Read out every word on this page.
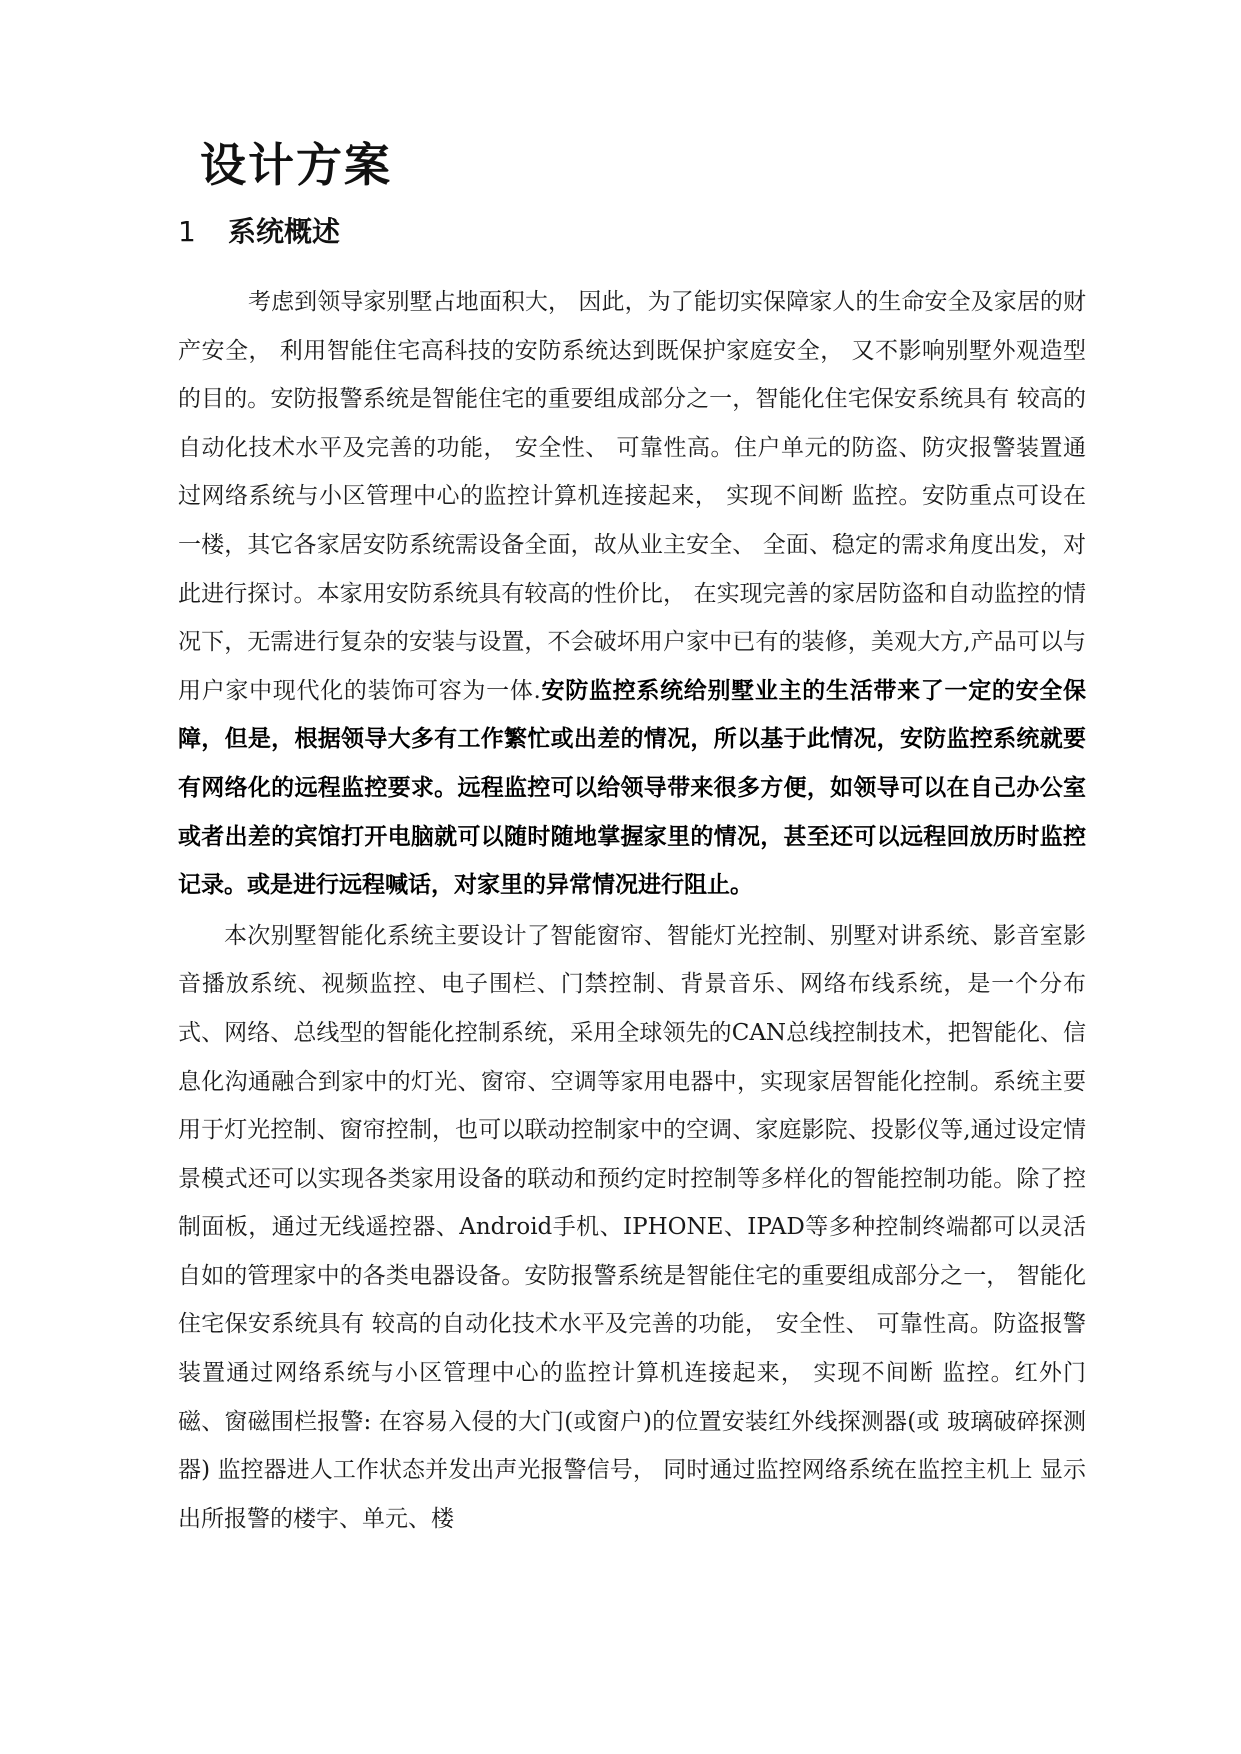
设计方案
1 系统概述

考虑到领导家别墅占地面积大， 因此，为了能切实保障家人的生命安全及家居的财产安全， 利用智能住宅高科技的安防系统达到既保护家庭安全， 又不影响别墅外观造型的目的。安防报警系统是智能住宅的重要组成部分之一，智能化住宅保安系统具有 较高的自动化技术水平及完善的功能， 安全性、 可靠性高。住户单元的防盗、防灾报警装置通过网络系统与小区管理中心的监控计算机连接起来， 实现不间断 监控。安防重点可设在一楼，其它各家居安防系统需设备全面，故从业主安全、 全面、稳定的需求角度出发，对此进行探讨。本家用安防系统具有较高的性价比， 在实现完善的家居防盗和自动监控的情 况下，无需进行复杂的安装与设置，不会破坏用户家中已有的装修，美观大方,产品可以与用户家中现代化的装饰可容为一体.安防监控系统给别墅业主的生活带来了一定的安全保障，但是，根据领导大多有工作繁忙或出差的情况，所以基于此情况，安防监控系统就要有网络化的远程监控要求。远程监控可以给领导带来很多方便，如领导可以在自己办公室或者出差的宾馆打开电脑就可以随时随地掌握家里的情况，甚至还可以远程回放历时监控记录。或是进行远程喊话，对家里的异常情况进行阻止。

本次别墅智能化系统主要设计了智能窗帘、智能灯光控制、别墅对讲系统、影音室影音播放系统、视频监控、电子围栏、门禁控制、背景音乐、网络布线系统，是一个分布式、网络、总线型的智能化控制系统，采用全球领先的CAN总线控制技术，把智能化、信息化沟通融合到家中的灯光、窗帘、空调等家用电器中，实现家居智能化控制。系统主要用于灯光控制、窗帘控制，也可以联动控制家中的空调、家庭影院、投影仪等,通过设定情景模式还可以实现各类家用设备的联动和预约定时控制等多样化的智能控制功能。除了控制面板，通过无线遥控器、Android手机、IPHONE、IPAD等多种控制终端都可以灵活自如的管理家中的各类电器设备。安防报警系统是智能住宅的重要组成部分之一， 智能化住宅保安系统具有 较高的自动化技术水平及完善的功能， 安全性、 可靠性高。防盗报警装置通过网络系统与小区管理中心的监控计算机连接起来， 实现不间断 监控。红外门磁、窗磁围栏报警: 在容易入侵的大门(或窗户)的位置安装红外线探测器(或 玻璃破碎探测器) 监控器进人工作状态并发出声光报警信号， 同时通过监控网络系统在监控主机上 显示出所报警的楼宇、单元、楼
